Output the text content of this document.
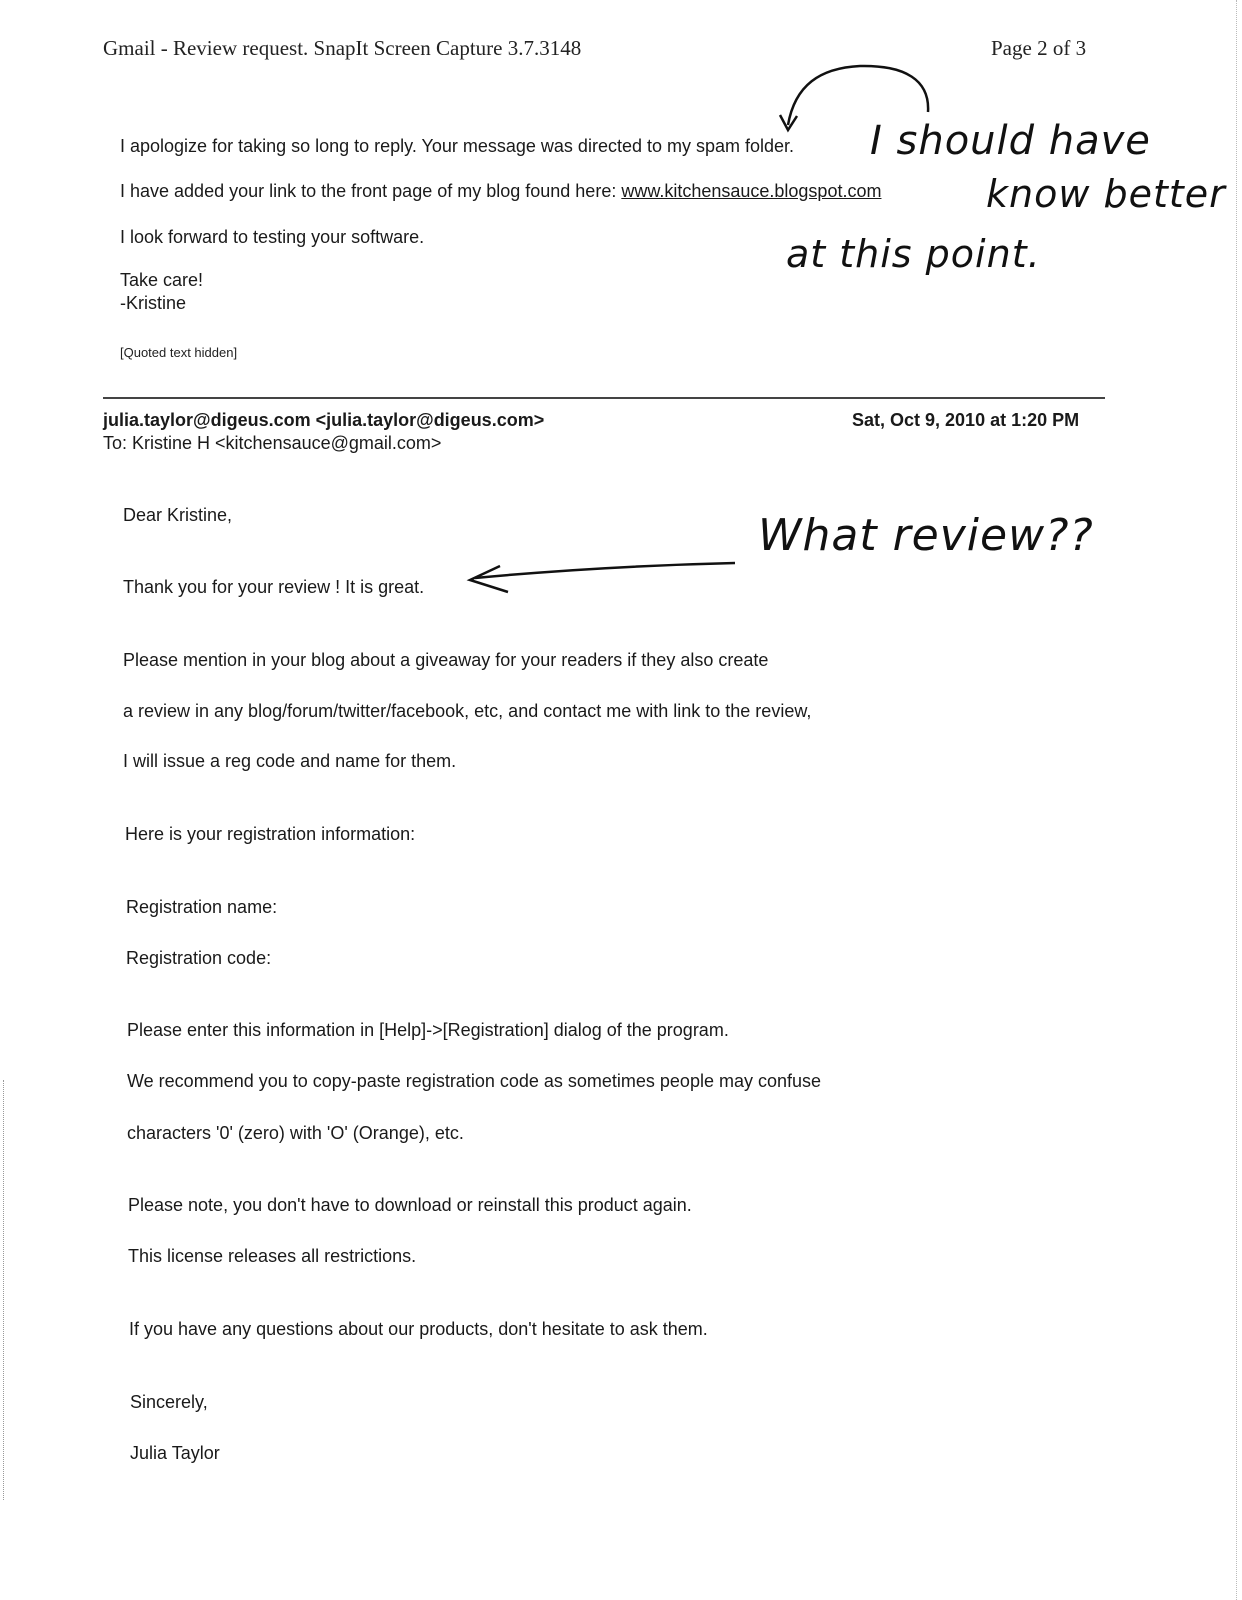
Gmail - Review request. SnapIt Screen Capture 3.7.3148	Page 2 of 3
I apologize for taking so long to reply. Your message was directed to my spam folder.
I have added your link to the front page of my blog found here: www.kitchensauce.blogspot.com
I look forward to testing your software.
Take care!
-Kristine
[Quoted text hidden]
julia.taylor@digeus.com <julia.taylor@digeus.com>	Sat, Oct 9, 2010 at 1:20 PM
To: Kristine H <kitchensauce@gmail.com>
Dear Kristine,
Thank you for your review ! It is great.
Please mention in your blog about a giveaway for your readers if they also create
a review in any blog/forum/twitter/facebook, etc, and contact me with link to the review,
I will issue a reg code and name for them.
Here is your registration information:
Registration name:
Registration code:
Please enter this information in [Help]->[Registration] dialog of the program.
We recommend you to copy-paste registration code as sometimes people may confuse
characters '0' (zero) with 'O' (Orange), etc.
Please note, you don't have to download or reinstall this product again.
This license releases all restrictions.
If you have any questions about our products, don't hesitate to ask them.
Sincerely,
Julia Taylor
I should have
know better
at this point.
What review??
